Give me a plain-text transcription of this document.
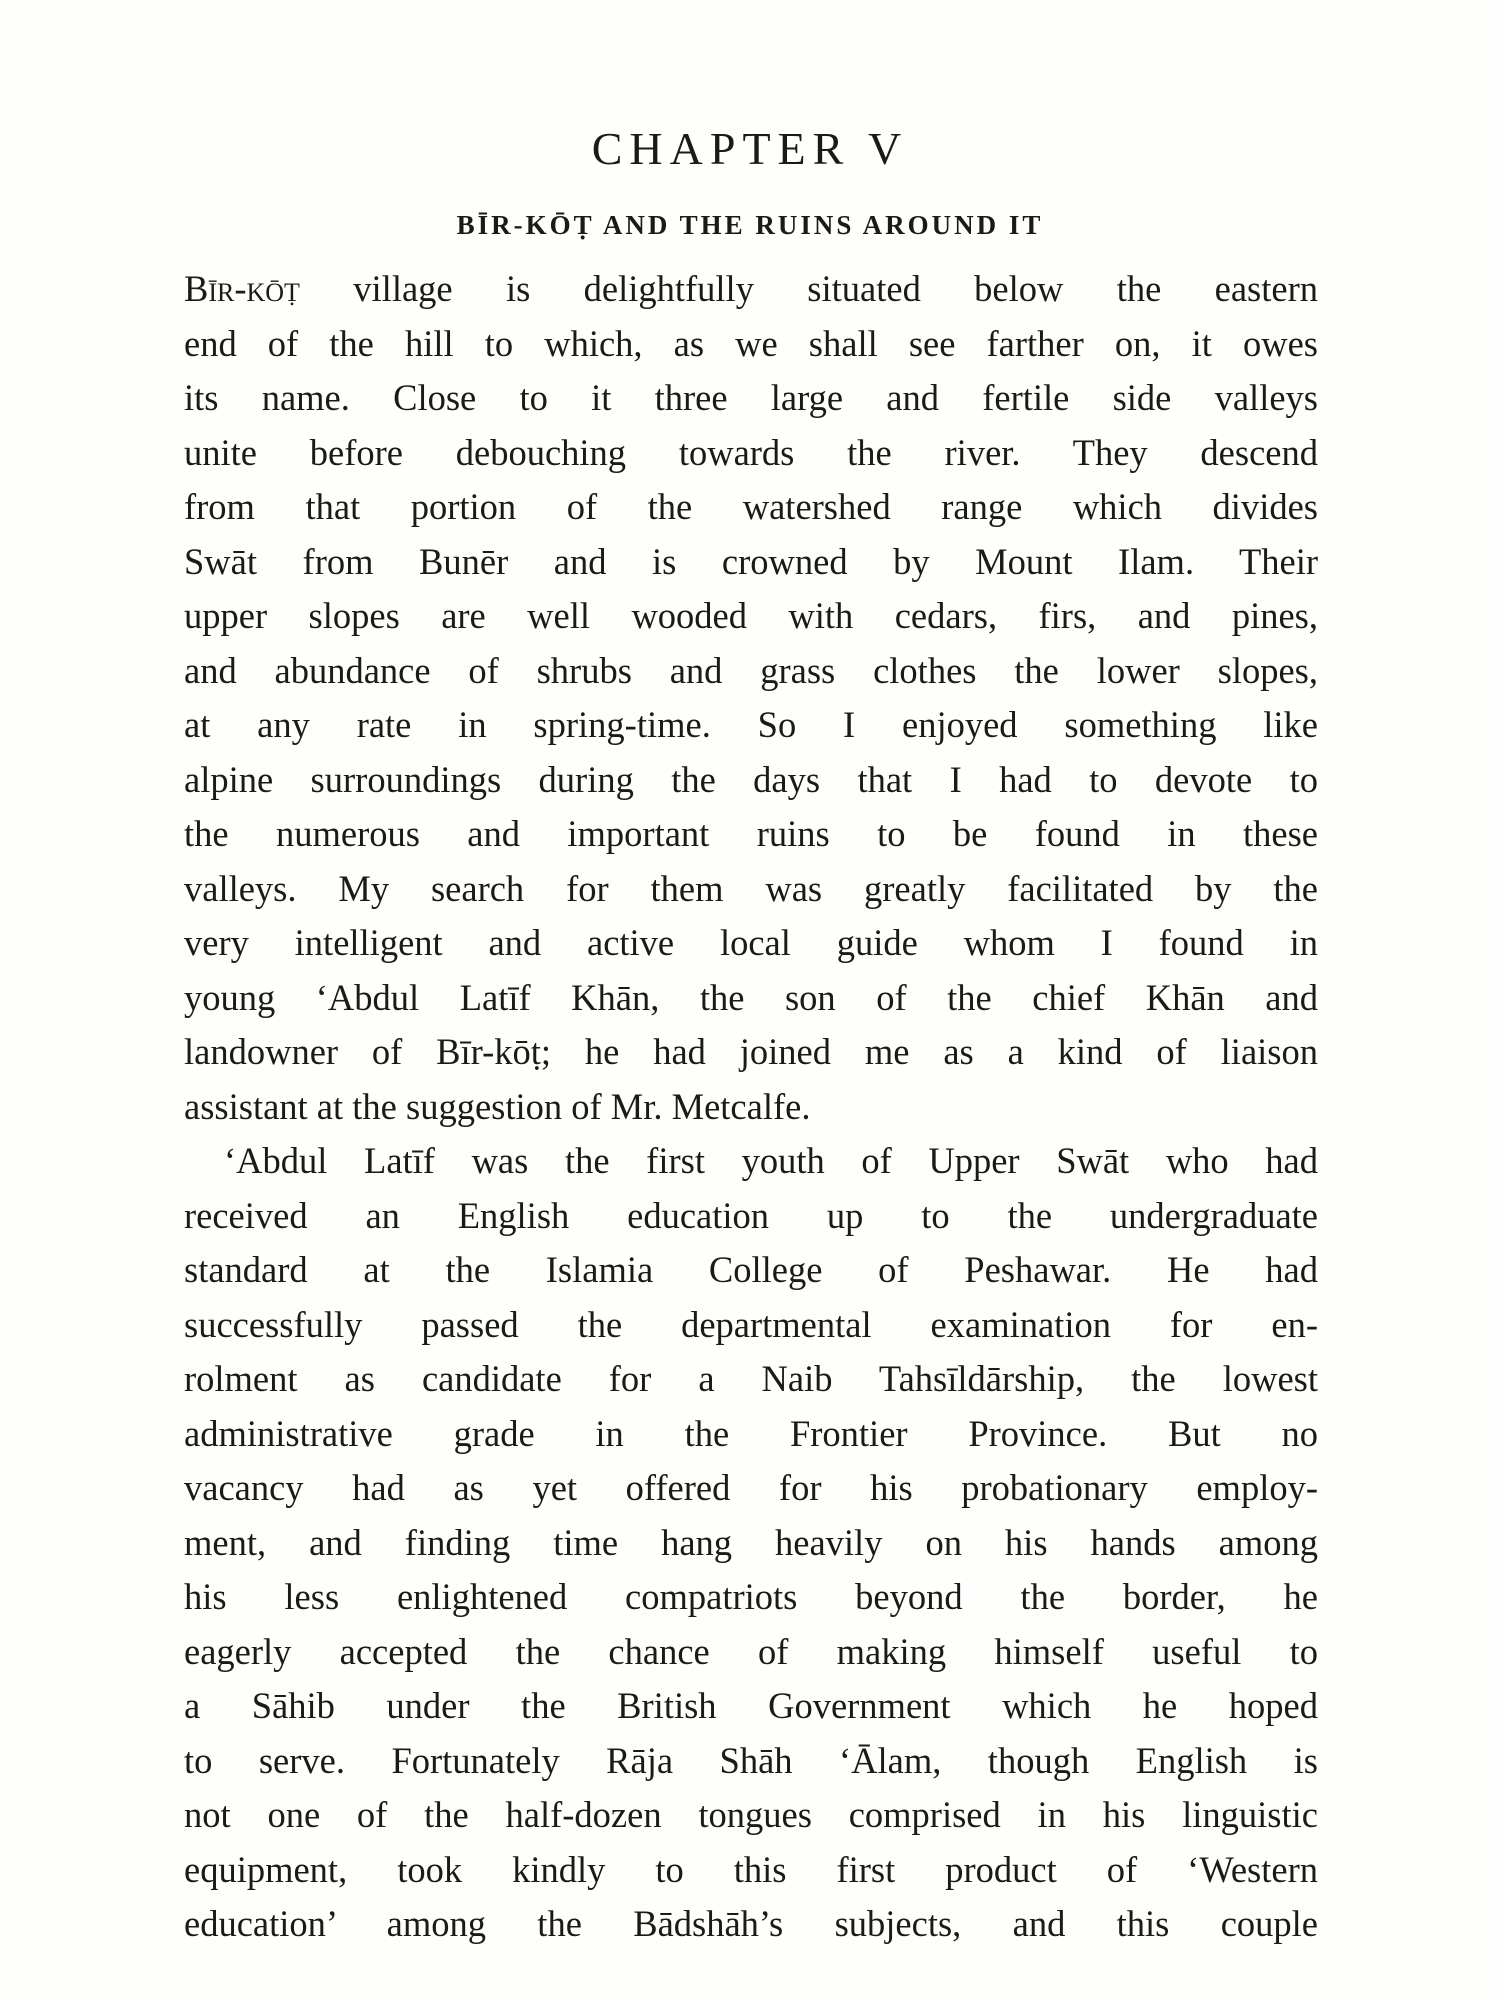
CHAPTER V
BĪR-KŌṬ AND THE RUINS AROUND IT
Bīr-kōṭ village is delightfully situated below the eastern
end of the hill to which, as we shall see farther on, it owes
its name. Close to it three large and fertile side valleys
unite before debouching towards the river. They descend
from that portion of the watershed range which divides
Swāt from Bunēr and is crowned by Mount Ilam. Their
upper slopes are well wooded with cedars, firs, and pines,
and abundance of shrubs and grass clothes the lower slopes,
at any rate in spring-time. So I enjoyed something like
alpine surroundings during the days that I had to devote to
the numerous and important ruins to be found in these
valleys. My search for them was greatly facilitated by the
very intelligent and active local guide whom I found in
young ‘Abdul Latīf Khān, the son of the chief Khān and
landowner of Bīr-kōṭ; he had joined me as a kind of liaison
assistant at the suggestion of Mr. Metcalfe.
‘Abdul Latīf was the first youth of Upper Swāt who had
received an English education up to the undergraduate
standard at the Islamia College of Peshawar. He had
successfully passed the departmental examination for en-
rolment as candidate for a Naib Tahsīldārship, the lowest
administrative grade in the Frontier Province. But no
vacancy had as yet offered for his probationary employ-
ment, and finding time hang heavily on his hands among
his less enlightened compatriots beyond the border, he
eagerly accepted the chance of making himself useful to
a Sāhib under the British Government which he hoped
to serve. Fortunately Rāja Shāh ‘Ālam, though English is
not one of the half-dozen tongues comprised in his linguistic
equipment, took kindly to this first product of ‘Western
education’ among the Bādshāh’s subjects, and this couple
